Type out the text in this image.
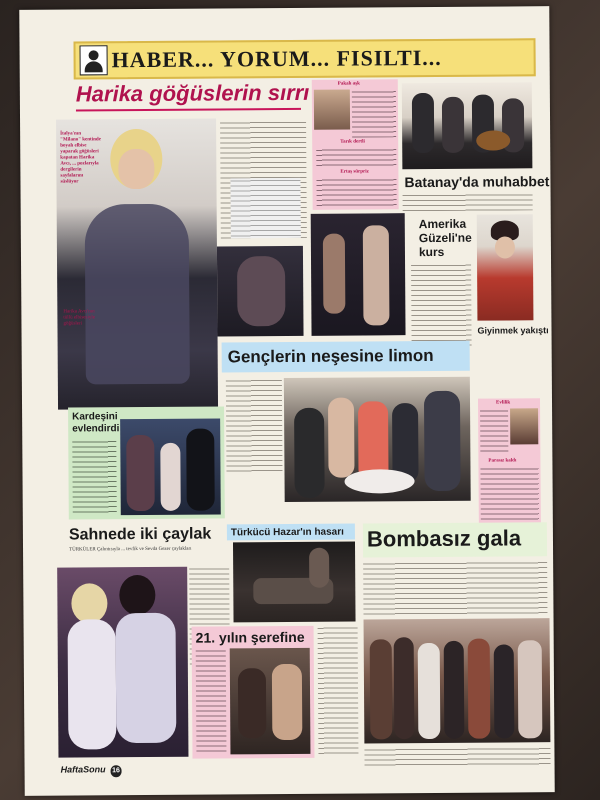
HABER... YORUM... FISILTI...
Harika göğüslerin sırrı
İtalya'nın "Milano" kentinde boyalı elbise yaparak göğüsleri kapatan Harika Avcı, ... pozlarıyla dergilerin sayfalarını süslüyor
Harika Avcı'nın tüllü elbisesiyle göğüsleri
Pakalı aşk
Tarık dertli
Ertaş sürpriz
Batanay'da muhabbet
Amerika Güzeli'ne kurs
Giyinmek yakıştı
Gençlerin neşesine limon
Kardeşini evlendirdi
Evlilik
Parasız kaldı
Sahnede iki çaylak
TÜRKÜLER Çalıntısıyla ... tevfik ve Sevda Gezer çaylakları
Türkücü Hazar'ın hasarı
21. yılın şerefine
Bombasız gala
HaftaSonu 16
